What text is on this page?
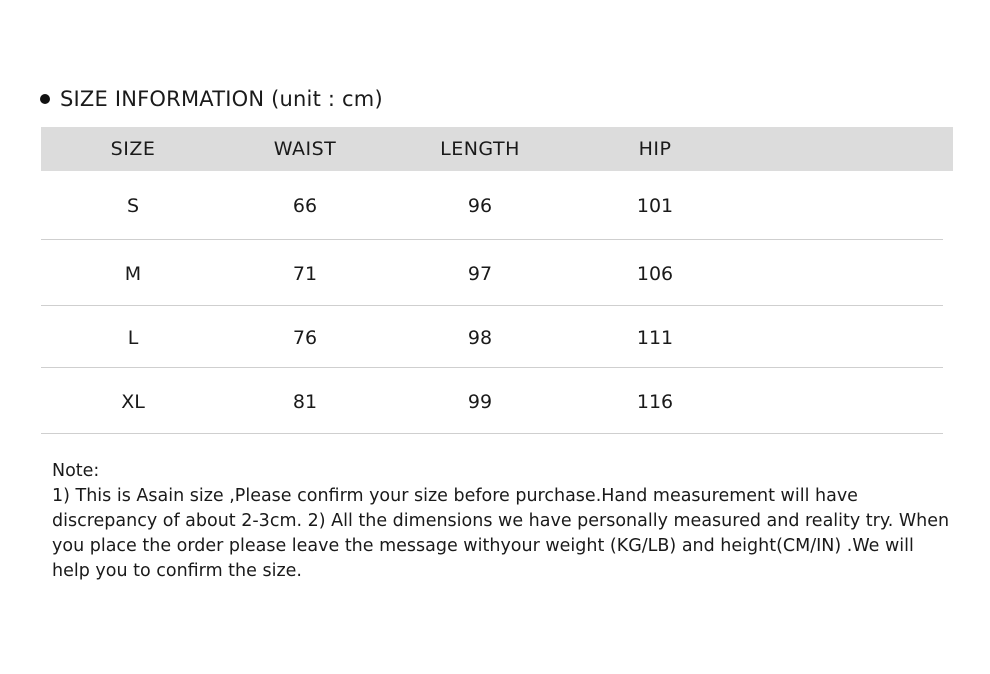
SIZE INFORMATION (unit : cm)
SIZE	WAIST	LENGTH	HIP
S	66	96	101
M	71	97	106
L	76	98	111
XL	81	99	116

Note:

1) This is Asain size ,Please confirm your size before purchase.Hand measurement will have discrepancy of about 2-3cm. 2) All the dimensions we have personally measured and reality try. When you place the order please leave the message withyour weight (KG/LB) and height(CM/IN) .We will help you to confirm the size.
